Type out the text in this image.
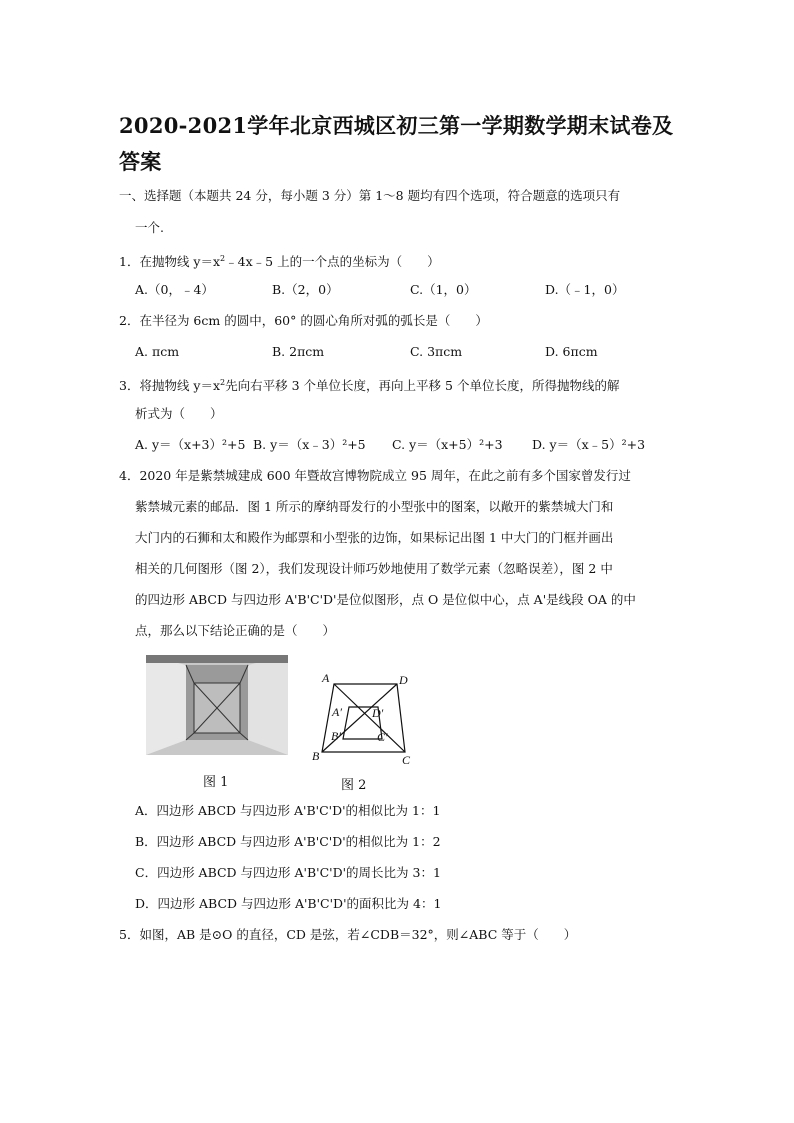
2020-2021学年北京西城区初三第一学期数学期末试卷及答案
一、选择题（本题共 24 分，每小题 3 分）第 1～8 题均有四个选项，符合题意的选项只有
一个.
1．在抛物线 $y=x^2﹣4x﹣5$ 上的一个点的坐标为（　　）
A.（0，﹣4）	B.（2，0）	C.（1，0）	D.（﹣1，0）
2．在半径为 6cm 的圆中，60° 的圆心角所对弧的弧长是（　　）
A. πcm	B. 2πcm	C. 3πcm	D. 6πcm
3．将抛物线 $y=x^2$先向右平移 3 个单位长度，再向上平移 5 个单位长度，所得抛物线的解
析式为（　　）
A. y＝（x+3）²+5 B. y＝（x﹣3）²+5 C. y＝（x+5）²+3 D. y＝（x﹣5）²+3
4．2020 年是紫禁城建成 600 年暨故宫博物院成立 95 周年，在此之前有多个国家曾发行过
紫禁城元素的邮品．图 1 所示的摩纳哥发行的小型张中的图案，以敞开的紫禁城大门和
大门内的石狮和太和殿作为邮票和小型张的边饰，如果标记出图 1 中大门的门框并画出
相关的几何图形（图 2），我们发现设计师巧妙地使用了数学元素（忽略误差），图 2 中
的四边形 ABCD 与四边形 A'B'C'D'是位似图形，点 O 是位似中心，点 A'是线段 OA 的中
点，那么以下结论正确的是（　　）
图 1
A	D
B	C
A′	D′
B′	C′
图 2
A．四边形 ABCD 与四边形 A'B'C'D'的相似比为 1：1
B．四边形 ABCD 与四边形 A'B'C'D'的相似比为 1：2
C．四边形 ABCD 与四边形 A'B'C'D'的周长比为 3：1
D．四边形 ABCD 与四边形 A'B'C'D'的面积比为 4：1
5．如图，AB 是⊙O 的直径，CD 是弦，若∠CDB＝32°，则∠ABC 等于（　　）
